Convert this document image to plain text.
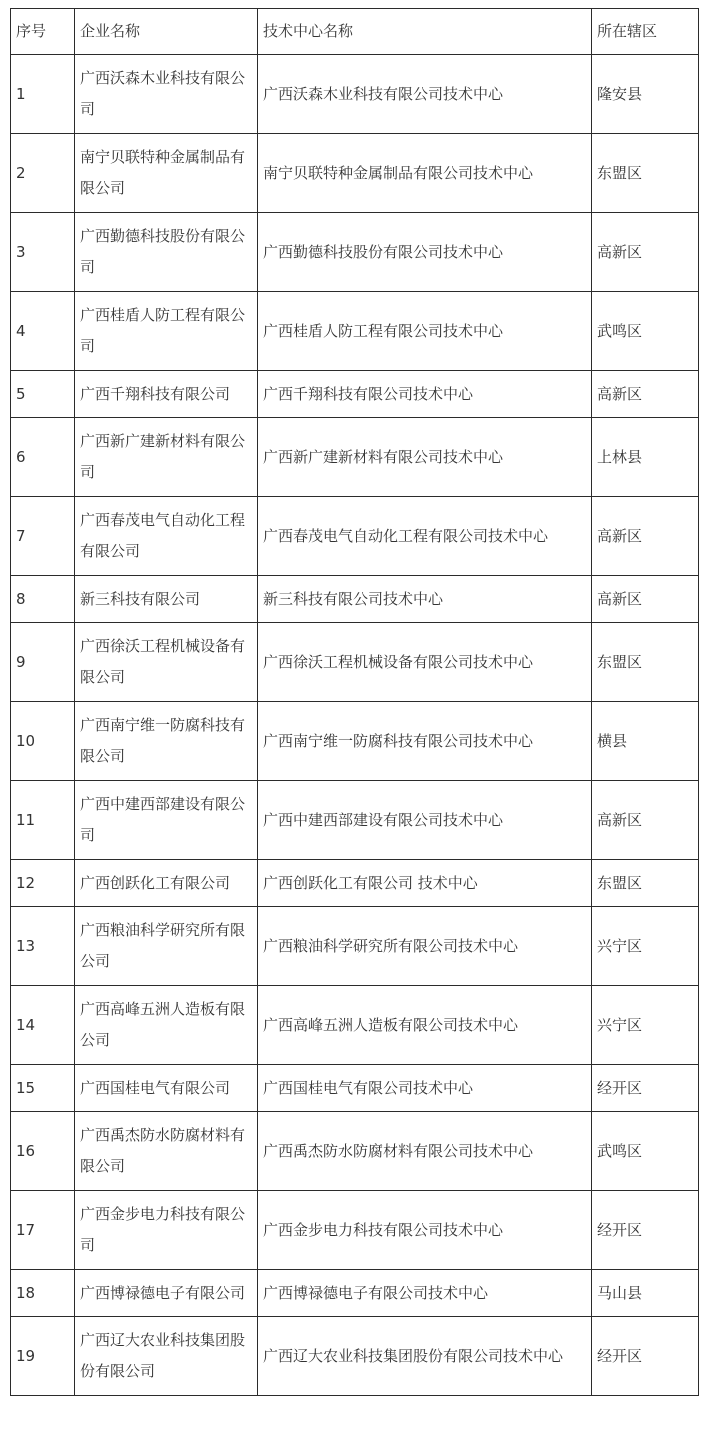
序号	企业名称	技术中心名称	所在辖区
1	广西沃森木业科技有限公司	广西沃森木业科技有限公司技术中心	隆安县
2	南宁贝联特种金属制品有限公司	南宁贝联特种金属制品有限公司技术中心	东盟区
3	广西勤德科技股份有限公司	广西勤德科技股份有限公司技术中心	高新区
4	广西桂盾人防工程有限公司	广西桂盾人防工程有限公司技术中心	武鸣区
5	广西千翔科技有限公司	广西千翔科技有限公司技术中心	高新区
6	广西新广建新材料有限公司	广西新广建新材料有限公司技术中心	上林县
7	广西春茂电气自动化工程有限公司	广西春茂电气自动化工程有限公司技术中心	高新区
8	新三科技有限公司	新三科技有限公司技术中心	高新区
9	广西徐沃工程机械设备有限公司	广西徐沃工程机械设备有限公司技术中心	东盟区
10	广西南宁维一防腐科技有限公司	广西南宁维一防腐科技有限公司技术中心	横县
11	广西中建西部建设有限公司	广西中建西部建设有限公司技术中心	高新区
12	广西创跃化工有限公司	广西创跃化工有限公司 技术中心	东盟区
13	广西粮油科学研究所有限公司	广西粮油科学研究所有限公司技术中心	兴宁区
14	广西高峰五洲人造板有限公司	广西高峰五洲人造板有限公司技术中心	兴宁区
15	广西国桂电气有限公司	广西国桂电气有限公司技术中心	经开区
16	广西禹杰防水防腐材料有限公司	广西禹杰防水防腐材料有限公司技术中心	武鸣区
17	广西金步电力科技有限公司	广西金步电力科技有限公司技术中心	经开区
18	广西博禄德电子有限公司	广西博禄德电子有限公司技术中心	马山县
19	广西辽大农业科技集团股份有限公司	广西辽大农业科技集团股份有限公司技术中心	经开区
